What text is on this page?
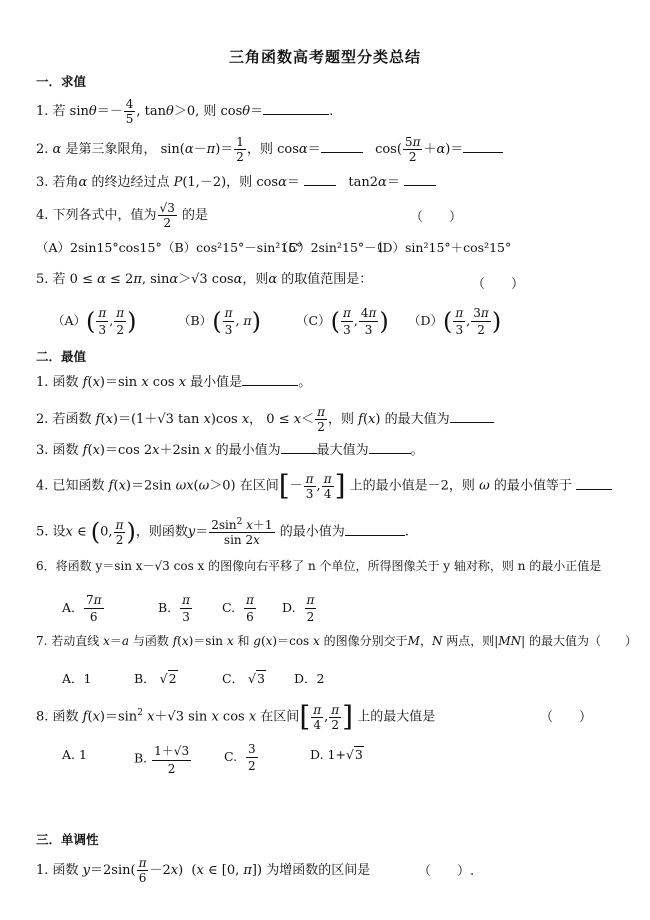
三角函数高考题型分类总结
一．求值
1. 若 $\sin\theta=- \frac{4}{5}$ , tanθ＞0, 则 cosθ＝	.
2. α 是第三象限角， $\sin(\alpha-\pi)= \frac{1}{2}$ ，则 cosα＝	$\cos( \frac{5\pi}{2} +\alpha)=$
3. 若角α 的终边经过点 P(1,－2)，则 cosα＝    tan2α＝
4. 下列各式中，值为 $\frac{√3}{2}$ 的是	（　　）
（A）2sin15°cos15° （B）cos²15°－sin²15°
（C）2sin²15°－1
（D）sin²15°＋cos²15°
5. 若 0 ≤ α ≤ 2π, sinα＞√3 cosα，则α 的取值范围是：	（　　）
$(A)( \frac{\pi}{3}$ , $\frac{\pi}{2}$ )	$(B)( \frac{\pi}{3}$ , π)	$(C)( \frac{\pi}{3}$ , $\frac{4\pi}{3}$ ) $(D)( \frac{\pi}{3}$ , $\frac{3\pi}{2}$ )
二．最值
1. 函数 f(x)＝sin x cos x 最小值是	。
2. 若函数 f(x)＝(1＋√3 tan x)cos x， $0 \le x< \frac{\pi}{2}$ ，则 f(x) 的最大值为
3. 函数 f(x)＝cos 2x＋2sin x 的最小值为	最大值为	。
4. 已知函数 f(x)＝2sin ωx(ω＞0) 在区间[－ $\frac{\pi}{3}$ , $\frac{\pi}{4}$ ] 上的最小值是－2，则 ω 的最小值等于
5. 设x ∈ (0, $\frac{\pi}{2}$ )，则函数$y= \frac{2\sin^2 x+1}{\sin 2x}$ 的最小值为	.
6．将函数 y＝sin x－√3 cos x 的图像向右平移了 n 个单位，所得图像关于 y 轴对称，则 n 的最小正值是
A. $\frac{7\pi}{6}$	B. $\frac{\pi}{3} C$. $\frac{\pi}{6} D$. $\frac{\pi}{2}$
7. 若动直线 x＝a 与函数 f(x)＝sin x 和 g(x)＝cos x 的图像分别交于M，N 两点，则|MN| 的最大值为（　　）
A．1	B． √2	C． √3 D．2
8. 函数 $f(x)=\sin^2$ x＋√3 sin x cos x 在区间[ $\frac{\pi}{4}$ , $\frac{\pi}{2}$ ] 上的最大值是	（　　）
A. 1	B. $\frac{1+√3}{2}$	C. $\frac{3}{2}$	D. 1+√3
三．单调性
1. 函数 $y=2\sin( \frac{\pi}{6} -2x)$  (x ∈ [0, π]) 为增函数的区间是	（　　）.
